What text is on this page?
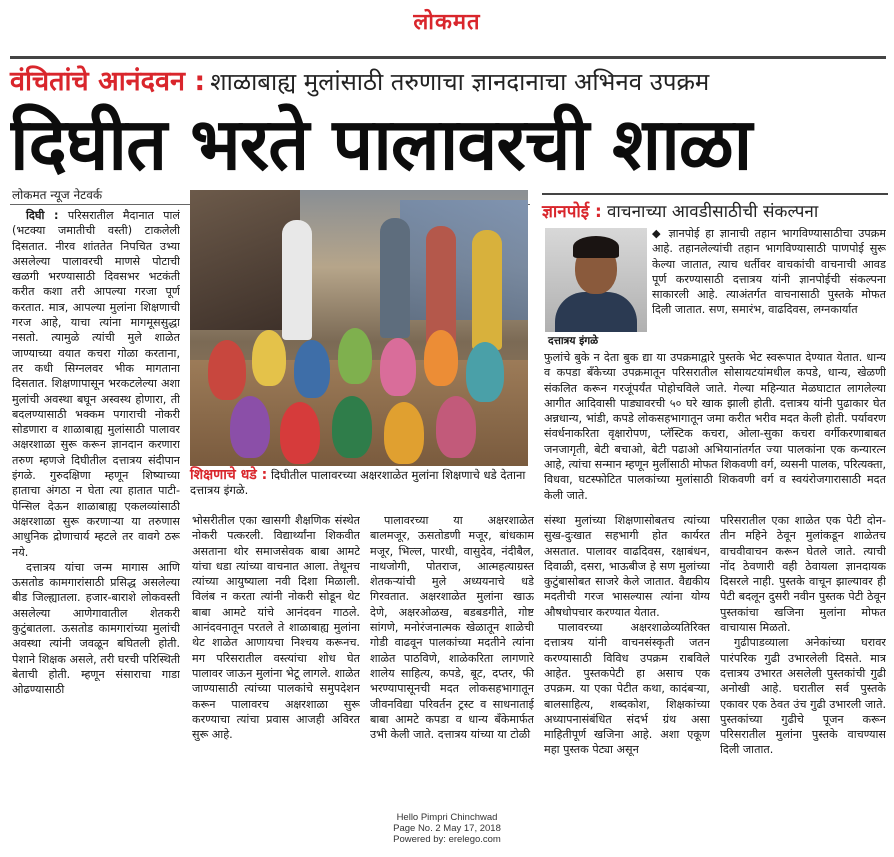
लोकमत
वंचितांचे आनंदवन : शाळाबाह्य मुलांसाठी तरुणाचा ज्ञानदानाचा अभिनव उपक्रम
दिघीत भरते पालावरची शाळा
लोकमत न्यूज नेटवर्क

दिघी : परिसरातील मैदानात पालं (भटक्या जमातीची वस्ती) टाकलेली दिसतात. नीरव शांततेत निपचित उभ्या असलेल्या पालावरची माणसे पोटाची खळगी भरण्यासाठी दिवसभर भटकंती करीत कशा तरी आपल्या गरजा पूर्ण करतात. मात्र, आपल्या मुलांना शिक्षणाची गरज आहे, याचा त्यांना मागमूससुद्धा नसतो. त्यामुळे त्यांची मुले शाळेत जाण्याच्या वयात कचरा गोळा करताना, तर कधी सिग्नलवर भीक मागताना दिसतात. शिक्षणापासून भरकटलेल्या अशा मुलांची अवस्था बघून अस्वस्थ होणारा, ती बदलण्यासाठी भक्कम पगाराची नोकरी सोडणारा व शाळाबाह्य मुलांसाठी पालावर अक्षरशाळा सुरू करून ज्ञानदान करणारा तरुण म्हणजे दिघीतील दत्तात्रय संदीपान इंगळे. गुरुदक्षिणा म्हणून शिष्याच्या हाताचा अंगठा न घेता त्या हातात पाटी-पेन्सिल देऊन शाळाबाह्य एकलव्यांसाठी अक्षरशाळा सुरू करणाऱ्या या तरुणास आधुनिक द्रोणाचार्य म्हटले तर वावगे ठरू नये.

दत्तात्रय यांचा जन्म मागास आणि ऊसतोड कामगारांसाठी प्रसिद्ध असलेल्या बीड जिल्ह्यातला. हजार-बाराशे लोकवस्ती असलेल्या आणेगावातील शेतकरी कुटुंबातला. ऊसतोड कामगारांच्या मुलांची अवस्था त्यांनी जवळून बघितली होती. पेशाने शिक्षक असले, तरी घरची परिस्थिती बेताची होती. म्हणून संसाराचा गाडा ओढण्यासाठी

शिक्षणाचे धडे : दिघीतील पालावरच्या अक्षरशाळेत मुलांना शिक्षणाचे धडे देताना दत्तात्रय इंगळे.

भोसरीतील एका खासगी शैक्षणिक संस्थेत नोकरी पत्करली. विद्यार्थ्यांना शिकवीत असताना थोर समाजसेवक बाबा आमटे यांचा धडा त्यांच्या वाचनात आला. तेथूनच त्यांच्या आयुष्याला नवी दिशा मिळाली. विलंब न करता त्यांनी नोकरी सोडून थेट बाबा आमटे यांचे आनंदवन गाठले. आनंदवनातून परतले ते शाळाबाह्य मुलांना थेट शाळेत आणायचा निश्चय करूनच. मग परिसरातील वस्त्यांचा शोध घेत पालावर जाऊन मुलांना भेटू लागले. शाळेत जाण्यासाठी त्यांच्या पालकांचे समुपदेशन करून पालावरच अक्षरशाळा सुरू करण्याचा त्यांचा प्रवास आजही अविरत सुरू आहे.

पालावरच्या या अक्षरशाळेत बालमजूर, ऊसतोडणी मजूर, बांधकाम मजूर, भिल्ल, पारधी, वासुदेव, नंदीबैल, नाथजोगी, पोतराज, आत्महत्याग्रस्त शेतकऱ्यांची मुले अध्ययनाचे धडे गिरवतात. अक्षरशाळेत मुलांना खाऊ देणे, अक्षरओळख, बडबडगीते, गोष्ट सांगणे, मनोरंजनात्मक खेळातून शाळेची गोडी वाढवून पालकांच्या मदतीने त्यांना शाळेत पाठविणे, शाळेकरिता लागणारे शालेय साहित्य, कपडे, बूट, दप्तर, फी भरण्यापासूनची मदत लोकसहभागातून जीवनविद्या परिवर्तन ट्रस्ट व साधनाताई बाबा आमटे कपडा व धान्य बँकेमार्फत उभी केली जाते. दत्तात्रय यांच्या या टोळी

संस्था मुलांच्या शिक्षणासोबतच त्यांच्या सुख-दुःखात सहभागी होत कार्यरत असतात. पालावर वाढदिवस, रक्षाबंधन, दिवाळी, दसरा, भाऊबीज हे सण मुलांच्या कुटुंबासोबत साजरे केले जातात. वैद्यकीय मदतीची गरज भासल्यास त्यांना योग्य औषधोपचार करण्यात येतात.

पालावरच्या अक्षरशाळेव्यतिरिक्त दत्तात्रय यांनी वाचनसंस्कृती जतन करण्यासाठी विविध उपक्रम राबविले आहेत. पुस्तकपेटी हा असाच एक उपक्रम. या एका पेटीत कथा, कादंबऱ्या, बालसाहित्य, शब्दकोश, शिक्षकांच्या अध्यापनासंबंधित संदर्भ ग्रंथ असा माहितीपूर्ण खजिना आहे. अशा एकूण महा पुस्तक पेट्या असून

परिसरातील एका शाळेत एक पेटी दोन-तीन महिने ठेवून मुलांकडून शाळेतच वाचवीवाचन करून घेतले जाते. त्याची नोंद ठेवणारी वही ठेवायला ज्ञानदायक दिसरले नाही. पुस्तके वाचून झाल्यावर ही पेटी बदलून दुसरी नवीन पुस्तक पेटी ठेवून पुस्तकांचा खजिना मुलांना मोफत वाचायास मिळतो.

गुढीपाडव्याला अनेकांच्या घरावर पारंपरिक गुढी उभारलेली दिसते. मात्र दत्तात्रय उभारत असलेली पुस्तकांची गुढी अनोखी आहे. घरातील सर्व पुस्तके एकावर एक ठेवत उंच गुढी उभारली जाते. पुस्तकांच्या गुढीचे पूजन करून परिसरातील मुलांना पुस्तके वाचण्यास दिली जातात.

ज्ञानपोई : वाचनाच्या आवडीसाठीची संकल्पना
दत्तात्रय इंगळे

◆ ज्ञानपोई हा ज्ञानाची तहान भागविण्यासाठीचा उपक्रम आहे. तहानलेल्यांची तहान भागविण्यासाठी पाणपोई सुरू केल्या जातात, त्याच धर्तीवर वाचकांची वाचनाची आवड पूर्ण करण्यासाठी दत्तात्रय यांनी ज्ञानपोईची संकल्पना साकारली आहे. त्याअंतर्गत वाचनासाठी पुस्तके मोफत दिली जातात. सण, समारंभ, वाढदिवस, लग्नकार्यात

फुलांचे बुके न देता बुक द्या या उपक्रमाद्वारे पुस्तके भेट स्वरूपात देण्यात येतात. धान्य व कपडा बँकेच्या उपक्रमातून परिसरातील सोसायटयांमधील कपडे, धान्य, खेळणी संकलित करून गरजूंपर्यंत पोहोचविले जाते. गेल्या महिन्यात मेळघाटात लागलेल्या आगीत आदिवासी पाड्यावरची ५० घरे खाक झाली होती. दत्तात्रय यांनी पुढाकार घेत अन्नधान्य, भांडी, कपडे लोकसहभागातून जमा करीत भरीव मदत केली होती. पर्यावरण संवर्धनाकरिता वृक्षारोपण, प्लॅस्टिक कचरा, ओला-सुका कचरा वर्गीकरणाबाबत जनजागृती, बेटी बचाओ, बेटी पढाओ अभियानांतर्गत ज्या पालकांना एक कन्यारत्न आहे, त्यांचा सन्मान म्हणून मुलींसाठी मोफत शिकवणी वर्ग, व्यसनी पालक, परित्यक्ता, विधवा, घटस्फोटित पालकांच्या मुलांसाठी शिकवणी वर्ग व स्वयंरोजगारासाठी मदत केली जाते.

Hello Pimpri Chinchwad
Page No. 2 May 17, 2018
Powered by: erelego.com
